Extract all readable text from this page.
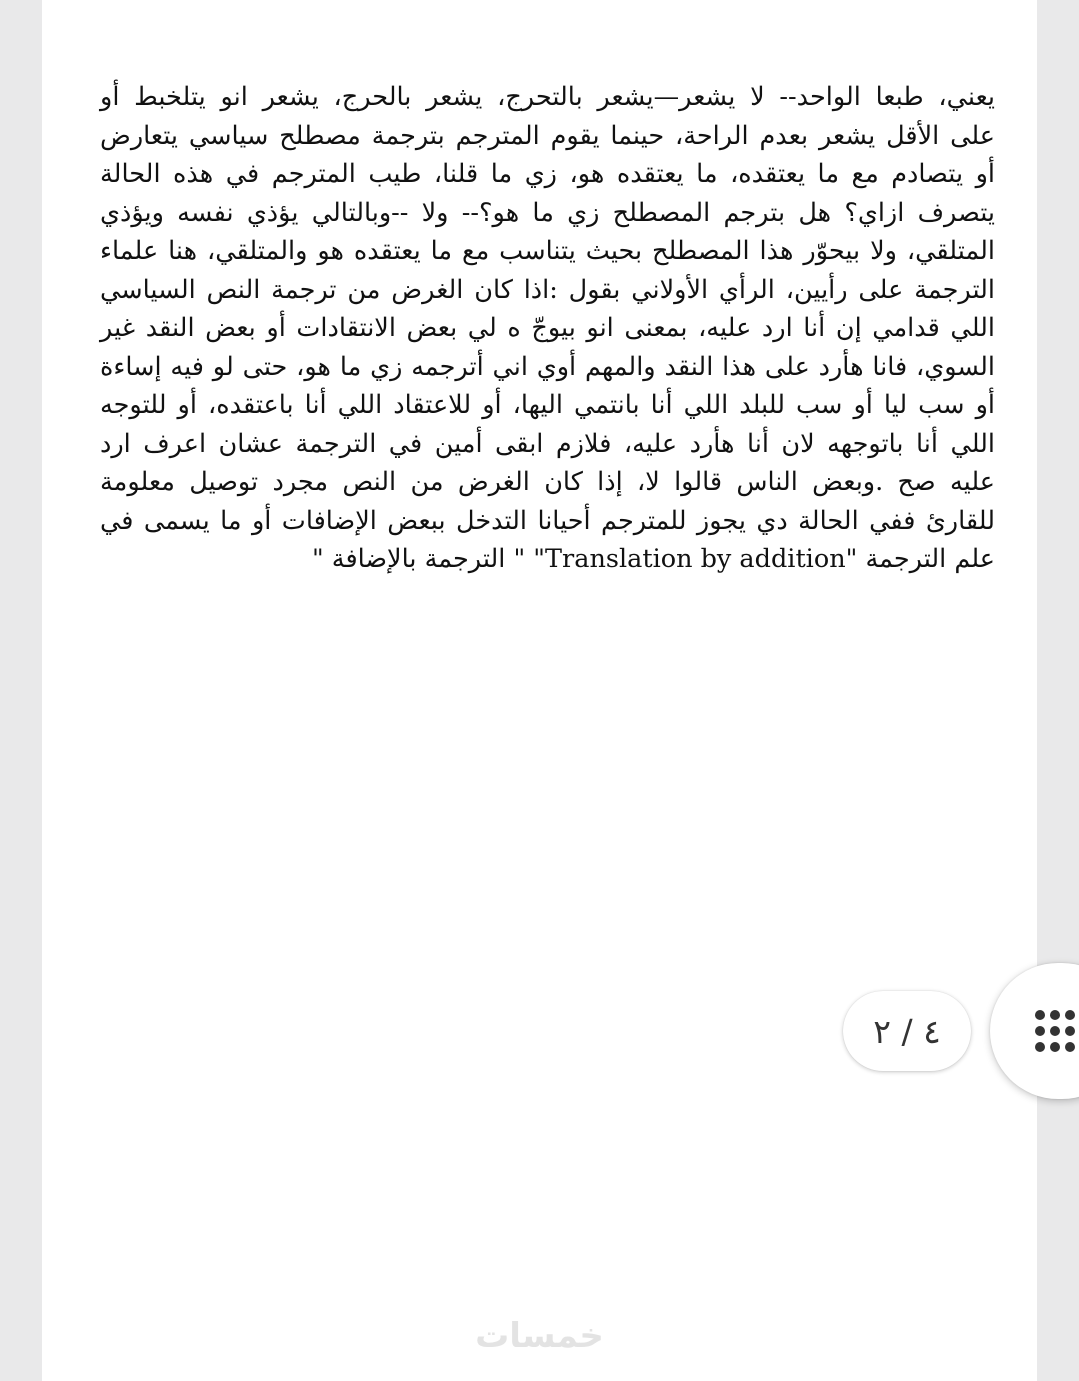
يعني، طبعا الواحد-- لا يشعر—يشعر بالتحرج، يشعر بالحرج، يشعر انو يتلخبط أو
على الأقل يشعر بعدم الراحة، حينما يقوم المترجم بترجمة مصطلح سياسي يتعارض
أو يتصادم مع ما يعتقده، ما يعتقده هو، زي ما قلنا، طيب المترجم في هذه الحالة
يتصرف ازاي؟ هل بترجم المصطلح زي ما هو؟-- ولا --وبالتالي يؤذي نفسه ويؤذي
المتلقي، ولا بيحوّر هذا المصطلح بحيث يتناسب مع ما يعتقده هو والمتلقي، هنا علماء
الترجمة على رأيين، الرأي الأولاني بقول :اذا كان الغرض من ترجمة النص السياسي
اللي قدامي إن أنا ارد عليه، بمعنى انو بيوجّ ه لي بعض الانتقادات أو بعض النقد غير
السوي، فانا هأرد على هذا النقد والمهم أوي اني أترجمه زي ما هو، حتى لو فيه إساءة
أو سب ليا أو سب للبلد اللي أنا بانتمي اليها، أو للاعتقاد اللي أنا باعتقده، أو للتوجه
اللي أنا باتوجهه لان أنا هأرد عليه، فلازم ابقى أمين في الترجمة عشان اعرف ارد
عليه صح .وبعض الناس قالوا لا، إذا كان الغرض من النص مجرد توصيل معلومة
للقارئ ففي الحالة دي يجوز للمترجم أحيانا التدخل ببعض الإضافات أو ما يسمى في
علم الترجمة "Translation by addition" " الترجمة بالإضافة "
٤ / ٢
خمسات
